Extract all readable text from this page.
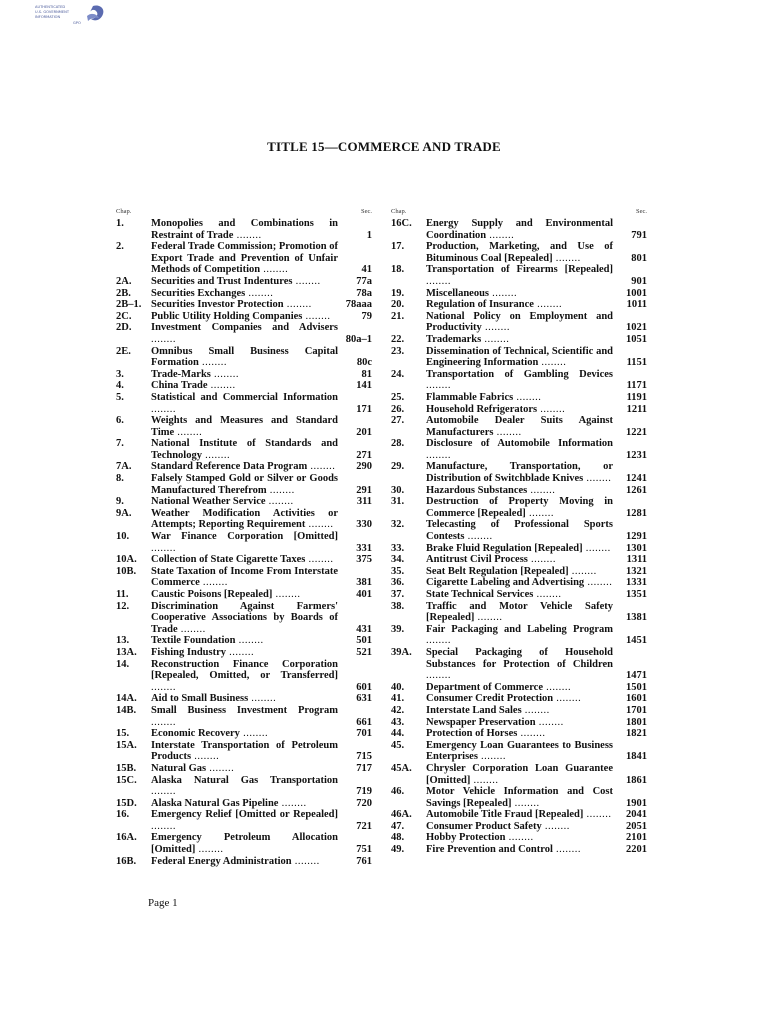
AUTHENTICATED
U.S. GOVERNMENT
INFORMATION
GPO
TITLE 15—COMMERCE AND TRADE
Chap.	Sec.
1.	Monopolies and Combinations in Restraint of Trade ........	1
2.	Federal Trade Commission; Promotion of Export Trade and Prevention of Unfair Methods of Competition ........	41
2A.	Securities and Trust Indentures ........	77a
2B.	Securities Exchanges ........	78a
2B–1. Securities Investor Protection ........	78aaa
2C.	Public Utility Holding Companies ........	79
2D.	Investment Companies and Advisers ........	80a–1
2E.	Omnibus Small Business Capital Formation ........	80c
3.	Trade-Marks ........	81
4.	China Trade ........	141
5.	Statistical and Commercial Information ........	171
6.	Weights and Measures and Standard Time ........	201
7.	National Institute of Standards and Technology ........	271
7A.	Standard Reference Data Program ........ 290
8.	Falsely Stamped Gold or Silver or Goods Manufactured Therefrom ........	291
9.	National Weather Service ........	311
9A.	Weather Modification Activities or Attempts; Reporting Requirement ........	330
10.	War Finance Corporation [Omitted] ........	331
10A.	Collection of State Cigarette Taxes ........	375
10B.	State Taxation of Income From Interstate Commerce ........	381
11.	Caustic Poisons [Repealed] ........	401
12.	Discrimination Against Farmers' Cooperative Associations by Boards of Trade ........	431
13.	Textile Foundation ........	501
13A.	Fishing Industry ........	521
14.	Reconstruction Finance Corporation [Repealed, Omitted, or Transferred] ........	601
14A.	Aid to Small Business ........	631
14B.	Small Business Investment Program ........	661
15.	Economic Recovery ........	701
15A.	Interstate Transportation of Petroleum Products ........	715
15B.	Natural Gas ........	717
15C.	Alaska Natural Gas Transportation ........	719
15D.	Alaska Natural Gas Pipeline ........	720
16.	Emergency Relief [Omitted or Repealed] ........	721
16A.	Emergency Petroleum Allocation [Omitted] ........	751
16B.	Federal Energy Administration ........	761
Chap.	Sec.
16C.	Energy Supply and Environmental Coordination ........	791
17.	Production, Marketing, and Use of Bituminous Coal [Repealed] ........	801
18.	Transportation of Firearms [Repealed] ........	901
19.	Miscellaneous ........	1001
20.	Regulation of Insurance ........	1011
21.	National Policy on Employment and Productivity ........	1021
22.	Trademarks ........	1051
23.	Dissemination of Technical, Scientific and Engineering Information ........	1151
24.	Transportation of Gambling Devices ........	1171
25.	Flammable Fabrics ........	1191
26.	Household Refrigerators ........	1211
27.	Automobile Dealer Suits Against Manufacturers ........	1221
28.	Disclosure of Automobile Information ........	1231
29.	Manufacture, Transportation, or Distribution of Switchblade Knives ........ 1241
30.	Hazardous Substances ........	1261
31.	Destruction of Property Moving in Commerce [Repealed] ........	1281
32.	Telecasting of Professional Sports Contests ........	1291
33.	Brake Fluid Regulation [Repealed] ........ 1301
34.	Antitrust Civil Process ........	1311
35.	Seat Belt Regulation [Repealed] ........	1321
36.	Cigarette Labeling and Advertising ........ 1331
37.	State Technical Services ........	1351
38.	Traffic and Motor Vehicle Safety [Repealed] ........	1381
39.	Fair Packaging and Labeling Program ........	1451
39A.	Special Packaging of Household Substances for Protection of Children ........	1471
40.	Department of Commerce ........	1501
41.	Consumer Credit Protection ........	1601
42.	Interstate Land Sales ........	1701
43.	Newspaper Preservation ........	1801
44.	Protection of Horses ........	1821
45.	Emergency Loan Guarantees to Business Enterprises ........	1841
45A.	Chrysler Corporation Loan Guarantee [Omitted] ........	1861
46.	Motor Vehicle Information and Cost Savings [Repealed] ........	1901
46A.	Automobile Title Fraud [Repealed] ........ 2041
47.	Consumer Product Safety ........	2051
48.	Hobby Protection ........	2101
49.	Fire Prevention and Control ........	2201
Page 1
